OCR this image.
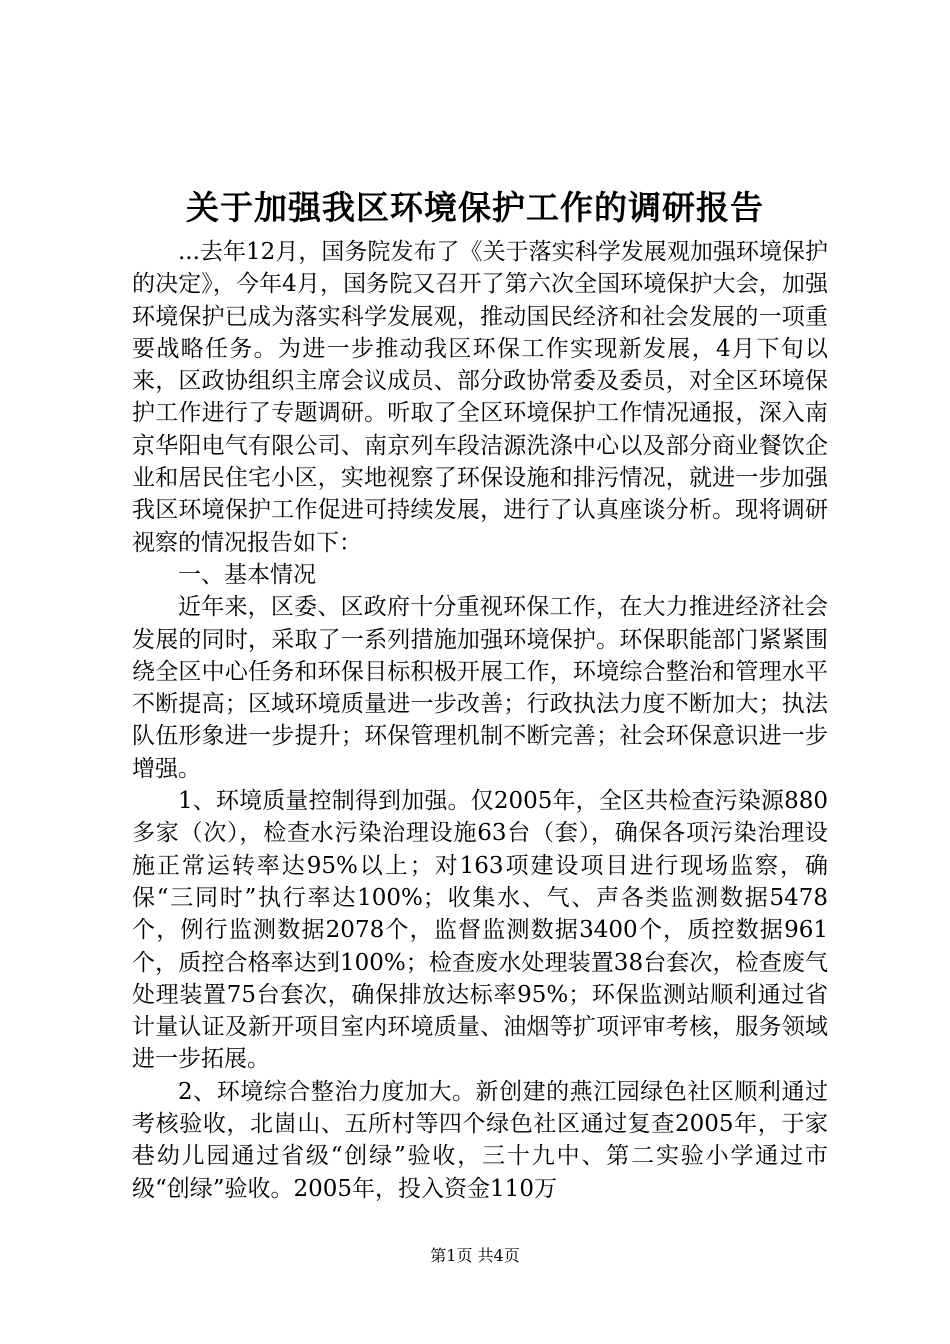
关于加强我区环境保护工作的调研报告

...去年12月，国务院发布了《关于落实科学发展观加强环境保护的决定》，今年4月，国务院又召开了第六次全国环境保护大会，加强环境保护已成为落实科学发展观，推动国民经济和社会发展的一项重要战略任务。为进一步推动我区环保工作实现新发展，4月下旬以来，区政协组织主席会议成员、部分政协常委及委员，对全区环境保护工作进行了专题调研。听取了全区环境保护工作情况通报，深入南京华阳电气有限公司、南京列车段洁源洗涤中心以及部分商业餐饮企业和居民住宅小区，实地视察了环保设施和排污情况，就进一步加强我区环境保护工作促进可持续发展，进行了认真座谈分析。现将调研视察的情况报告如下：

一、基本情况

近年来，区委、区政府十分重视环保工作，在大力推进经济社会发展的同时，采取了一系列措施加强环境保护。环保职能部门紧紧围绕全区中心任务和环保目标积极开展工作，环境综合整治和管理水平不断提高；区域环境质量进一步改善；行政执法力度不断加大；执法队伍形象进一步提升；环保管理机制不断完善；社会环保意识进一步增强。

1、环境质量控制得到加强。仅2005年，全区共检查污染源880多家（次），检查水污染治理设施63台（套），确保各项污染治理设施正常运转率达95%以上；对163项建设项目进行现场监察，确保“三同时”执行率达100%；收集水、气、声各类监测数据5478个，例行监测数据2078个，监督监测数据3400个，质控数据961个，质控合格率达到100%；检查废水处理装置38台套次，检查废气处理装置75台套次，确保排放达标率95%；环保监测站顺利通过省计量认证及新开项目室内环境质量、油烟等扩项评审考核，服务领域进一步拓展。

2、环境综合整治力度加大。新创建的燕江园绿色社区顺利通过考核验收，北崮山、五所村等四个绿色社区通过复查2005年，于家巷幼儿园通过省级“创绿”验收，三十九中、第二实验小学通过市级“创绿”验收。2005年，投入资金110万

第1页 共4页
